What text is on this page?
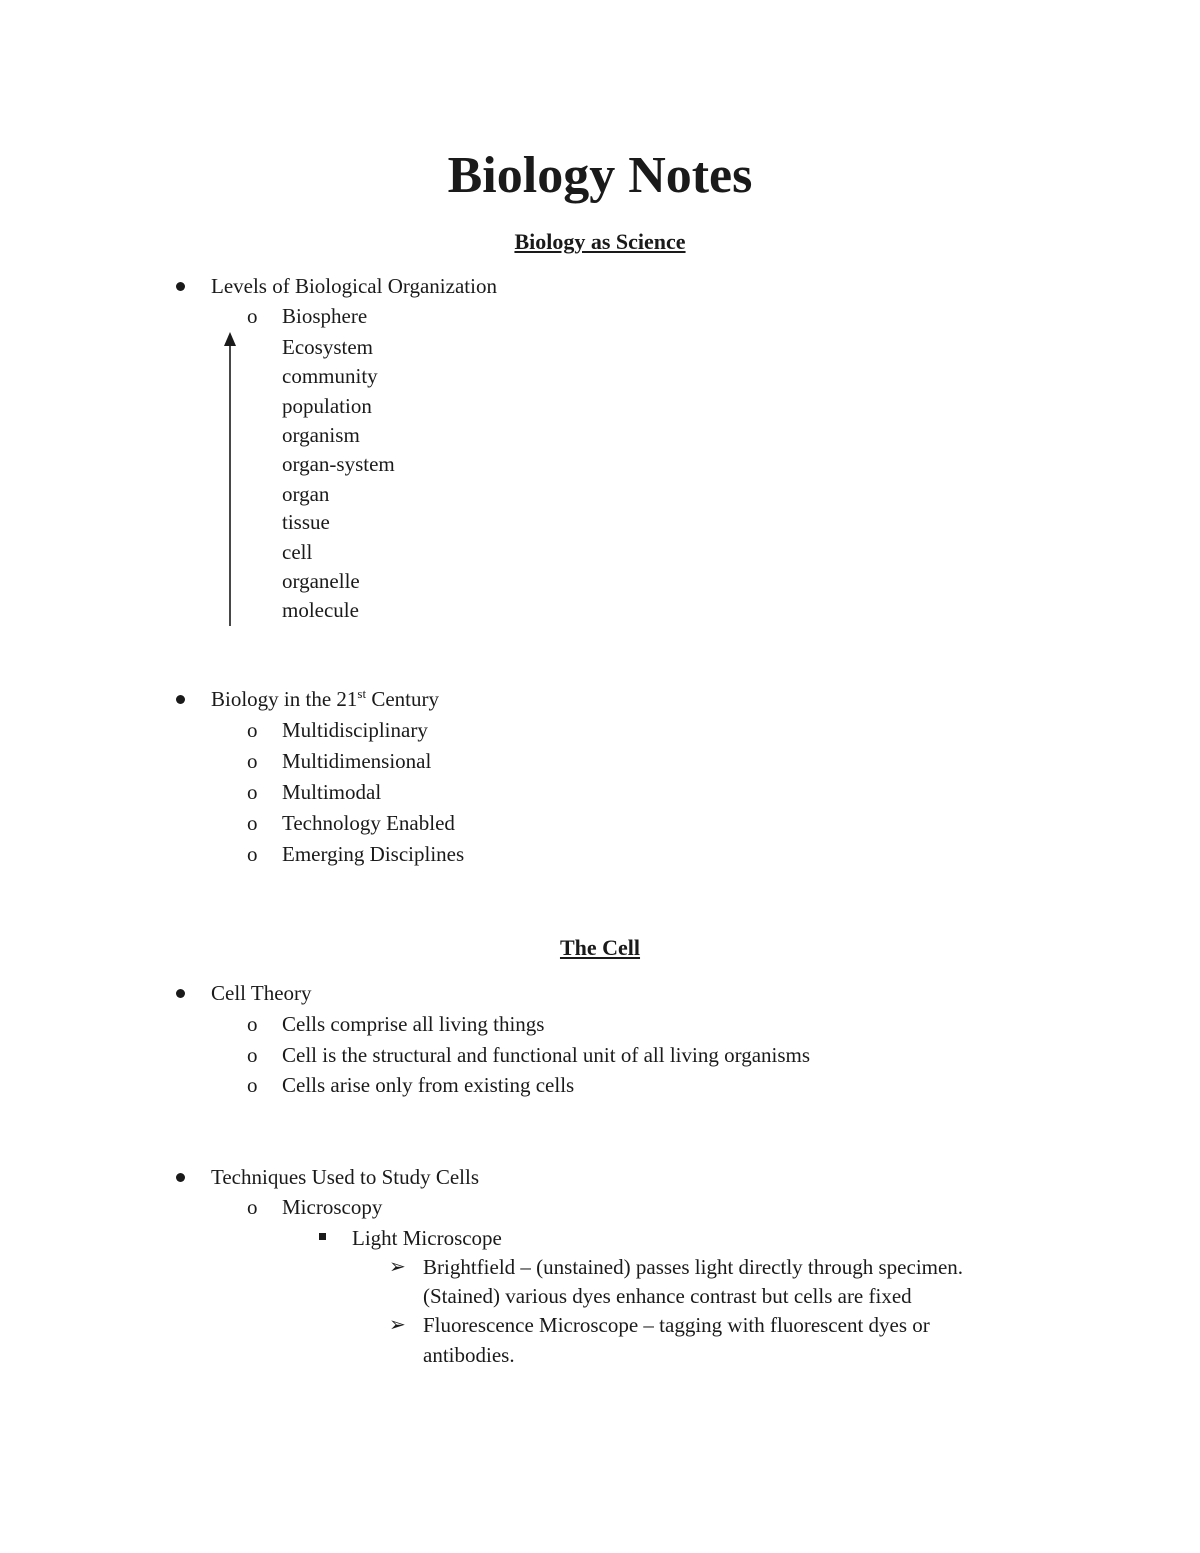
Biology Notes
Biology as Science
Levels of Biological Organization
o Biosphere
Ecosystem
community
population
organism
organ-system
organ
tissue
cell
organelle
molecule
Biology in the 21st Century
o Multidisciplinary
o Multidimensional
o Multimodal
o Technology Enabled
o Emerging Disciplines
The Cell
Cell Theory
o Cells comprise all living things
o Cell is the structural and functional unit of all living organisms
o Cells arise only from existing cells
Techniques Used to Study Cells
o Microscopy
Light Microscope
➢ Brightfield – (unstained) passes light directly through specimen.
(Stained) various dyes enhance contrast but cells are fixed
➢ Fluorescence Microscope – tagging with fluorescent dyes or
antibodies.
